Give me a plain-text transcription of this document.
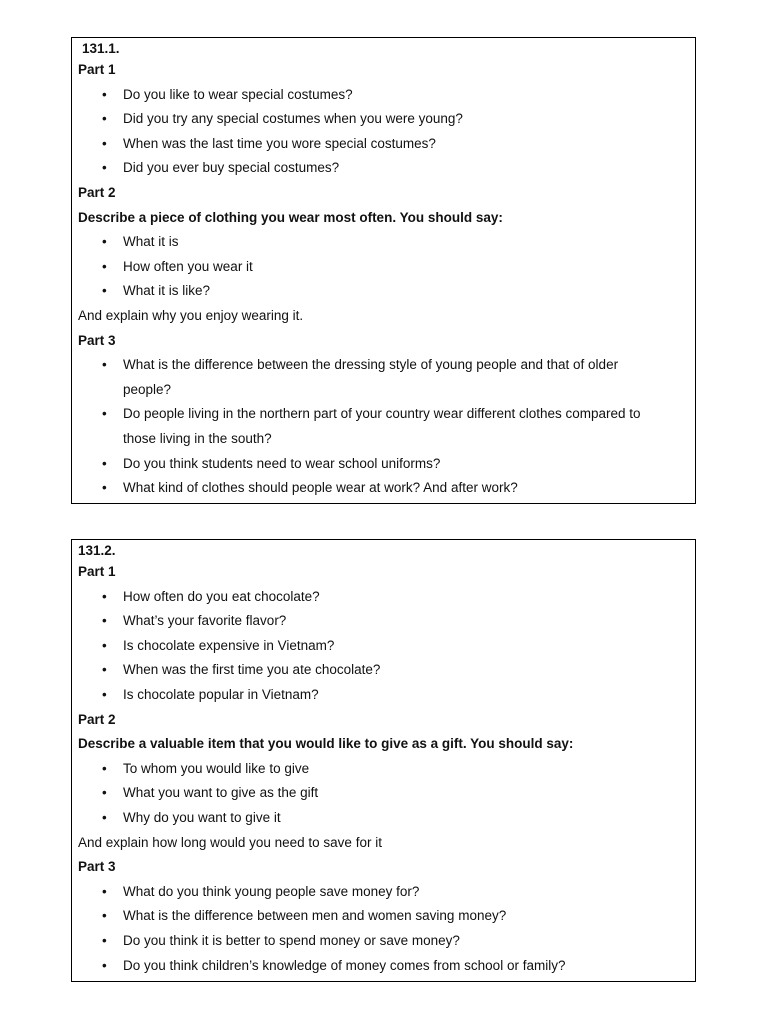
131.1.
Part 1
• Do you like to wear special costumes?
• Did you try any special costumes when you were young?
• When was the last time you wore special costumes?
• Did you ever buy special costumes?
Part 2
Describe a piece of clothing you wear most often. You should say:
• What it is
• How often you wear it
• What it is like?
And explain why you enjoy wearing it.
Part 3
• What is the difference between the dressing style of young people and that of older people?
• Do people living in the northern part of your country wear different clothes compared to those living in the south?
• Do you think students need to wear school uniforms?
• What kind of clothes should people wear at work? And after work?
131.2.
Part 1
• How often do you eat chocolate?
• What’s your favorite flavor?
• Is chocolate expensive in Vietnam?
• When was the first time you ate chocolate?
• Is chocolate popular in Vietnam?
Part 2
Describe a valuable item that you would like to give as a gift. You should say:
• To whom you would like to give
• What you want to give as the gift
• Why do you want to give it
And explain how long would you need to save for it
Part 3
• What do you think young people save money for?
• What is the difference between men and women saving money?
• Do you think it is better to spend money or save money?
• Do you think children’s knowledge of money comes from school or family?
